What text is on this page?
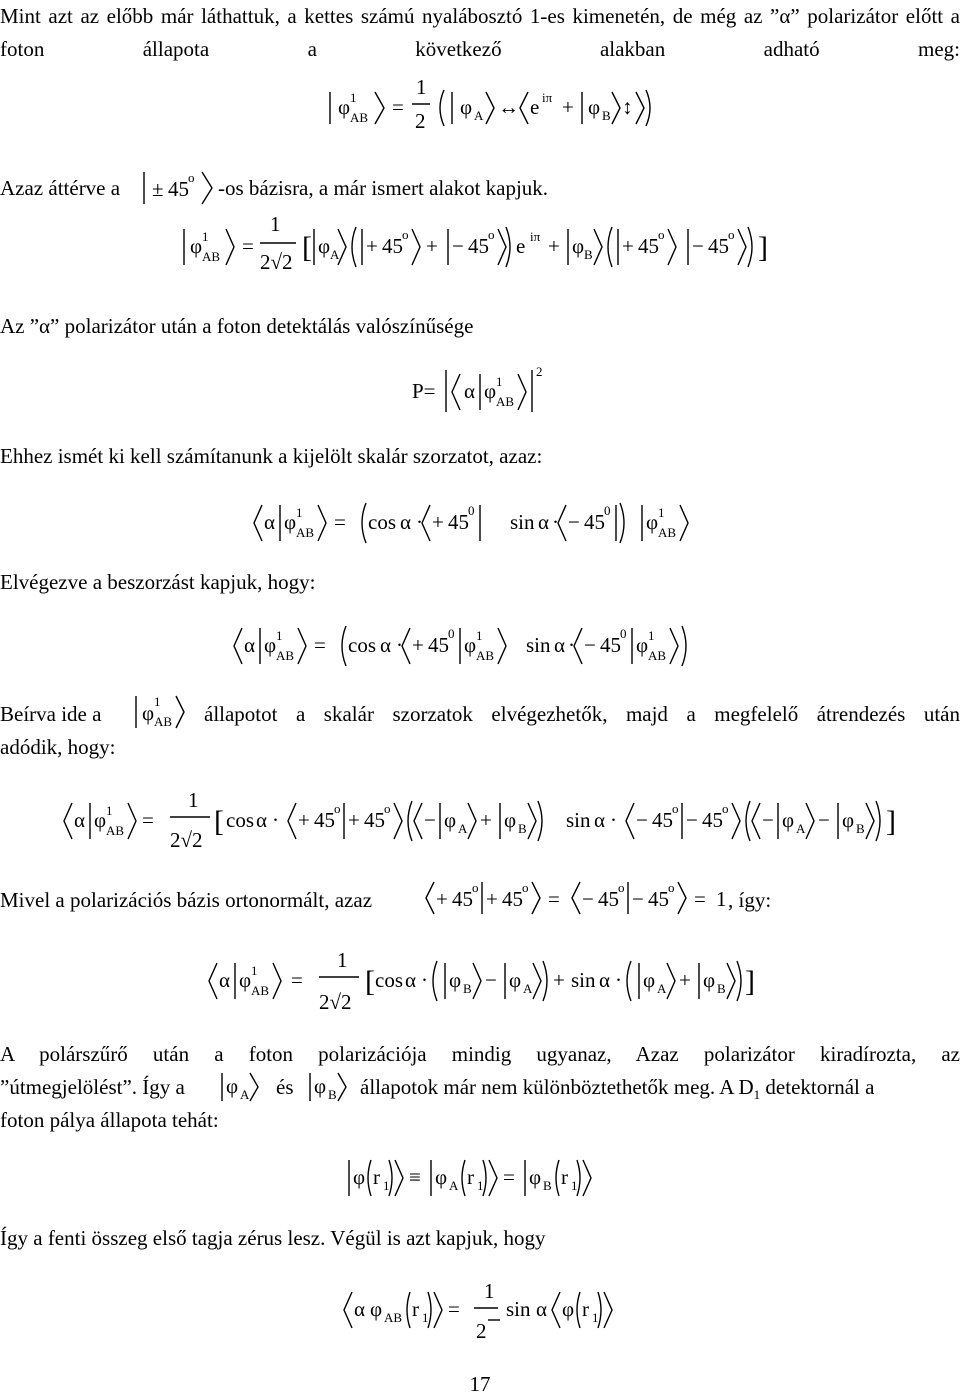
Mint azt az előbb már láthattuk, a kettes számú nyalábosztó 1-es kimenetén, de még az ”α” polarizátor előtt a foton állapota a következő alakban adható meg:

φ 1
AB =
1
2
φ A ↔ e iπ + φ B ↕
Azaz áttérve a ± 45 o -os bázisra, a már ismert alakot kapjuk.
φ 1
AB =
1
2√2 [ φ A + 45 o + − 45 o e iπ + φ B + 45 o − 45 o ]

Az ”α” polarizátor után a foton detektálás valószínűsége

P= α φ 1
AB
2

Ehhez ismét ki kell számítanunk a kijelölt skalár szorzatot, azaz:

α φ 1
AB = cos α · + 45 0 sin α · − 45 0 φ 1
AB

Elvégezve a beszorzást kapjuk, hogy:

α φ 1
AB = cos α · + 45 0 φ 1
AB sin α · − 45 0 φ 1
AB
Beírva ide a φ 1
AB állapotot a skalár szorzatok elvégezhetők, majd a megfelelő átrendezés után
adódik, hogy:
α φ 1
AB =
1
2√2
[ cos α · + 45 o + 45 o − φ A + φ B sin α · − 45 o − 45 o − φ A − φ B ]
Mivel a polarizációs bázis ortonormált, azaz	+ 45 o + 45 o = − 45 o − 45 o = 1 , így:
α φ 1
AB =
1
2√2
[ cos α · φ B − φ A + sin α · φ A + φ B ]
A polárszűrő után a foton polarizációja mindig ugyanaz, Azaz polarizátor kiradírozta, az
”útmegjelölést”. Így a φ A és φ B állapotok már nem különböztethetők meg. A $D_1$ detektornál a
foton pálya állapota tehát:
φ r 1 ≡ φ A r 1 = φ B r 1

Így a fenti összeg első tagja zérus lesz. Végül is azt kapjuk, hogy

α φ AB r 1 =
1
2
sin α φ r 1
17
